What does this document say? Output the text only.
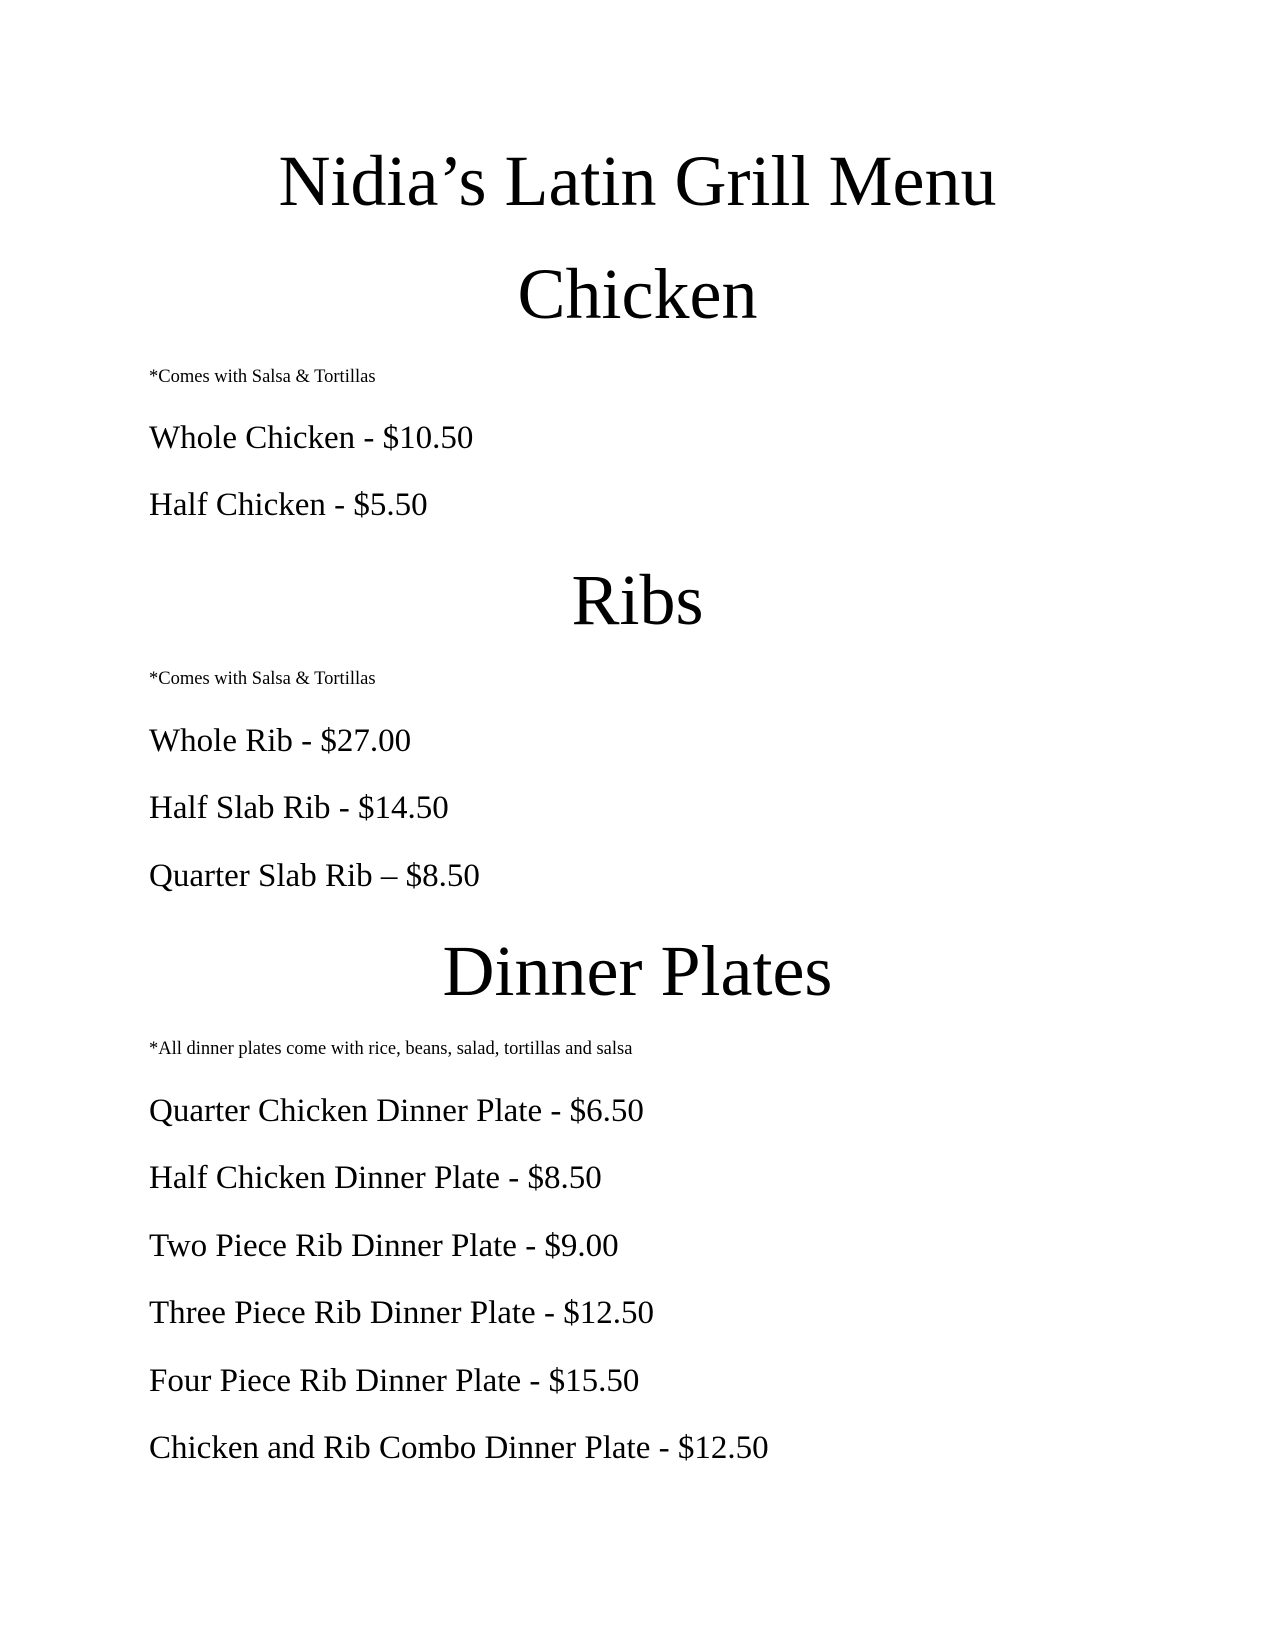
Nidia’s Latin Grill Menu
Chicken

*Comes with Salsa & Tortillas

Whole Chicken - $10.50

Half Chicken - $5.50

Ribs

*Comes with Salsa & Tortillas

Whole Rib - $27.00

Half Slab Rib - $14.50

Quarter Slab Rib – $8.50

Dinner Plates

*All dinner plates come with rice, beans, salad, tortillas and salsa

Quarter Chicken Dinner Plate - $6.50

Half Chicken Dinner Plate - $8.50

Two Piece Rib Dinner Plate - $9.00

Three Piece Rib Dinner Plate - $12.50

Four Piece Rib Dinner Plate - $15.50

Chicken and Rib Combo Dinner Plate - $12.50
